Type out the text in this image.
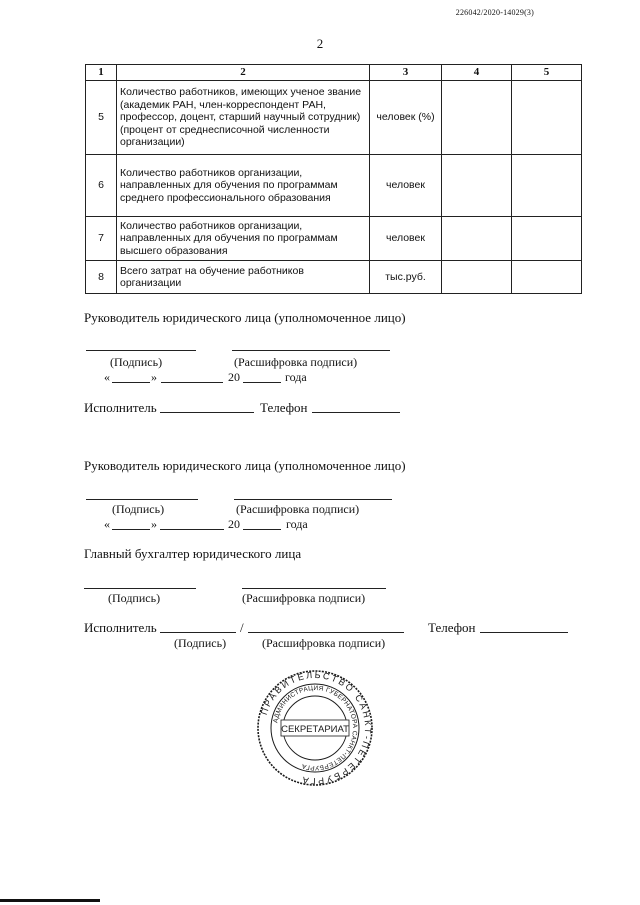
226042/2020-14029(3)
2
1	2	3	4	5
5	Количество работников, имеющих ученое звание (академик РАН, член-корреспондент РАН, профессор, доцент, старший научный сотрудник) (процент от среднесписочной численности организации)	человек (%)		
6	Количество работников организации, направленных для обучения по программам среднего профессионального образования	человек		
7	Количество работников организации, направленных для обучения по программам высшего образования	человек		
8	Всего затрат на обучение работников организации	тыс.руб.		
Руководитель юридического лица (уполномоченное лицо)
(Подпись)	(Расшифровка подписи)
«	»	20	года
Исполнитель	Телефон
Руководитель юридического лица (уполномоченное лицо)
(Подпись)	(Расшифровка подписи)
«	»	20	года
Главный бухгалтер юридического лица
(Подпись)	(Расшифровка подписи)
Исполнитель	/	Телефон
(Подпись)	(Расшифровка подписи)
ПРАВИТЕЛЬСТВО САНКТ-ПЕТЕРБУРГА
АДМИНИСТРАЦИЯ ГУБЕРНАТОРА САНКТ-ПЕТЕРБУРГА
СЕКРЕТАРИАТ
